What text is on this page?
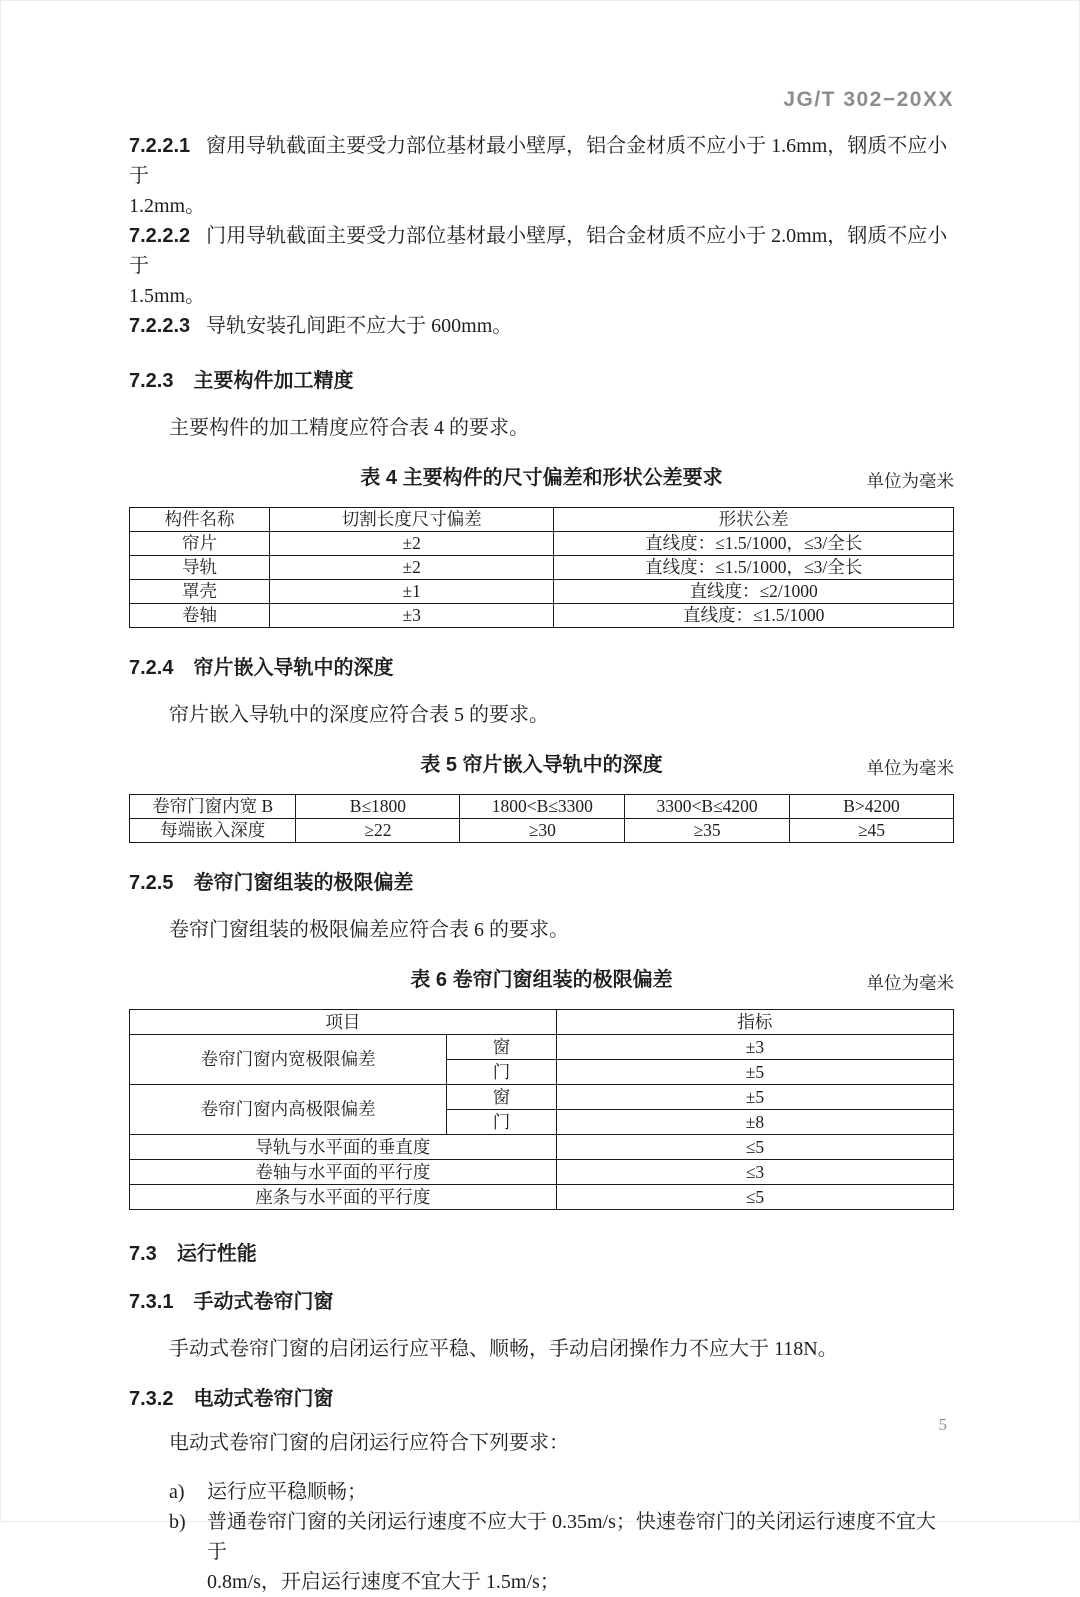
JG/T 302−20XX

7.2.2.1 窗用导轨截面主要受力部位基材最小壁厚，铝合金材质不应小于 1.6mm，钢质不应小于

1.2mm。

7.2.2.2 门用导轨截面主要受力部位基材最小壁厚，铝合金材质不应小于 2.0mm，钢质不应小于

1.5mm。

7.2.2.3 导轨安装孔间距不应大于 600mm。

7.2.3 主要构件加工精度

主要构件的加工精度应符合表 4 的要求。

表 4 主要构件的尺寸偏差和形状公差要求	单位为毫米
构件名称	切割长度尺寸偏差	形状公差
帘片	±2	直线度：≤1.5/1000，≤3/全长
导轨	±2	直线度：≤1.5/1000，≤3/全长
罩壳	±1	直线度：≤2/1000
卷轴	±3	直线度：≤1.5/1000
7.2.4 帘片嵌入导轨中的深度

帘片嵌入导轨中的深度应符合表 5 的要求。

表 5 帘片嵌入导轨中的深度	单位为毫米
卷帘门窗内宽 B	B≤1800	1800<B≤3300	3300<B≤4200	B>4200
每端嵌入深度	≥22	≥30	≥35	≥45
7.2.5 卷帘门窗组装的极限偏差

卷帘门窗组装的极限偏差应符合表 6 的要求。

表 6 卷帘门窗组装的极限偏差	单位为毫米
项目		指标
卷帘门窗内宽极限偏差	窗	±3
	门	±5
卷帘门窗内高极限偏差	窗	±5
	门	±8
导轨与水平面的垂直度		≤5
卷轴与水平面的平行度		≤3
座条与水平面的平行度		≤5
7.3 运行性能
7.3.1 手动式卷帘门窗

手动式卷帘门窗的启闭运行应平稳、顺畅，手动启闭操作力不应大于 118N。

7.3.2 电动式卷帘门窗

电动式卷帘门窗的启闭运行应符合下列要求：

a)	运行应平稳顺畅；
b)	普通卷帘门窗的关闭运行速度不应大于 0.35m/s；快速卷帘门的关闭运行速度不宜大于
0.8m/s，开启运行速度不宜大于 1.5m/s；
5
